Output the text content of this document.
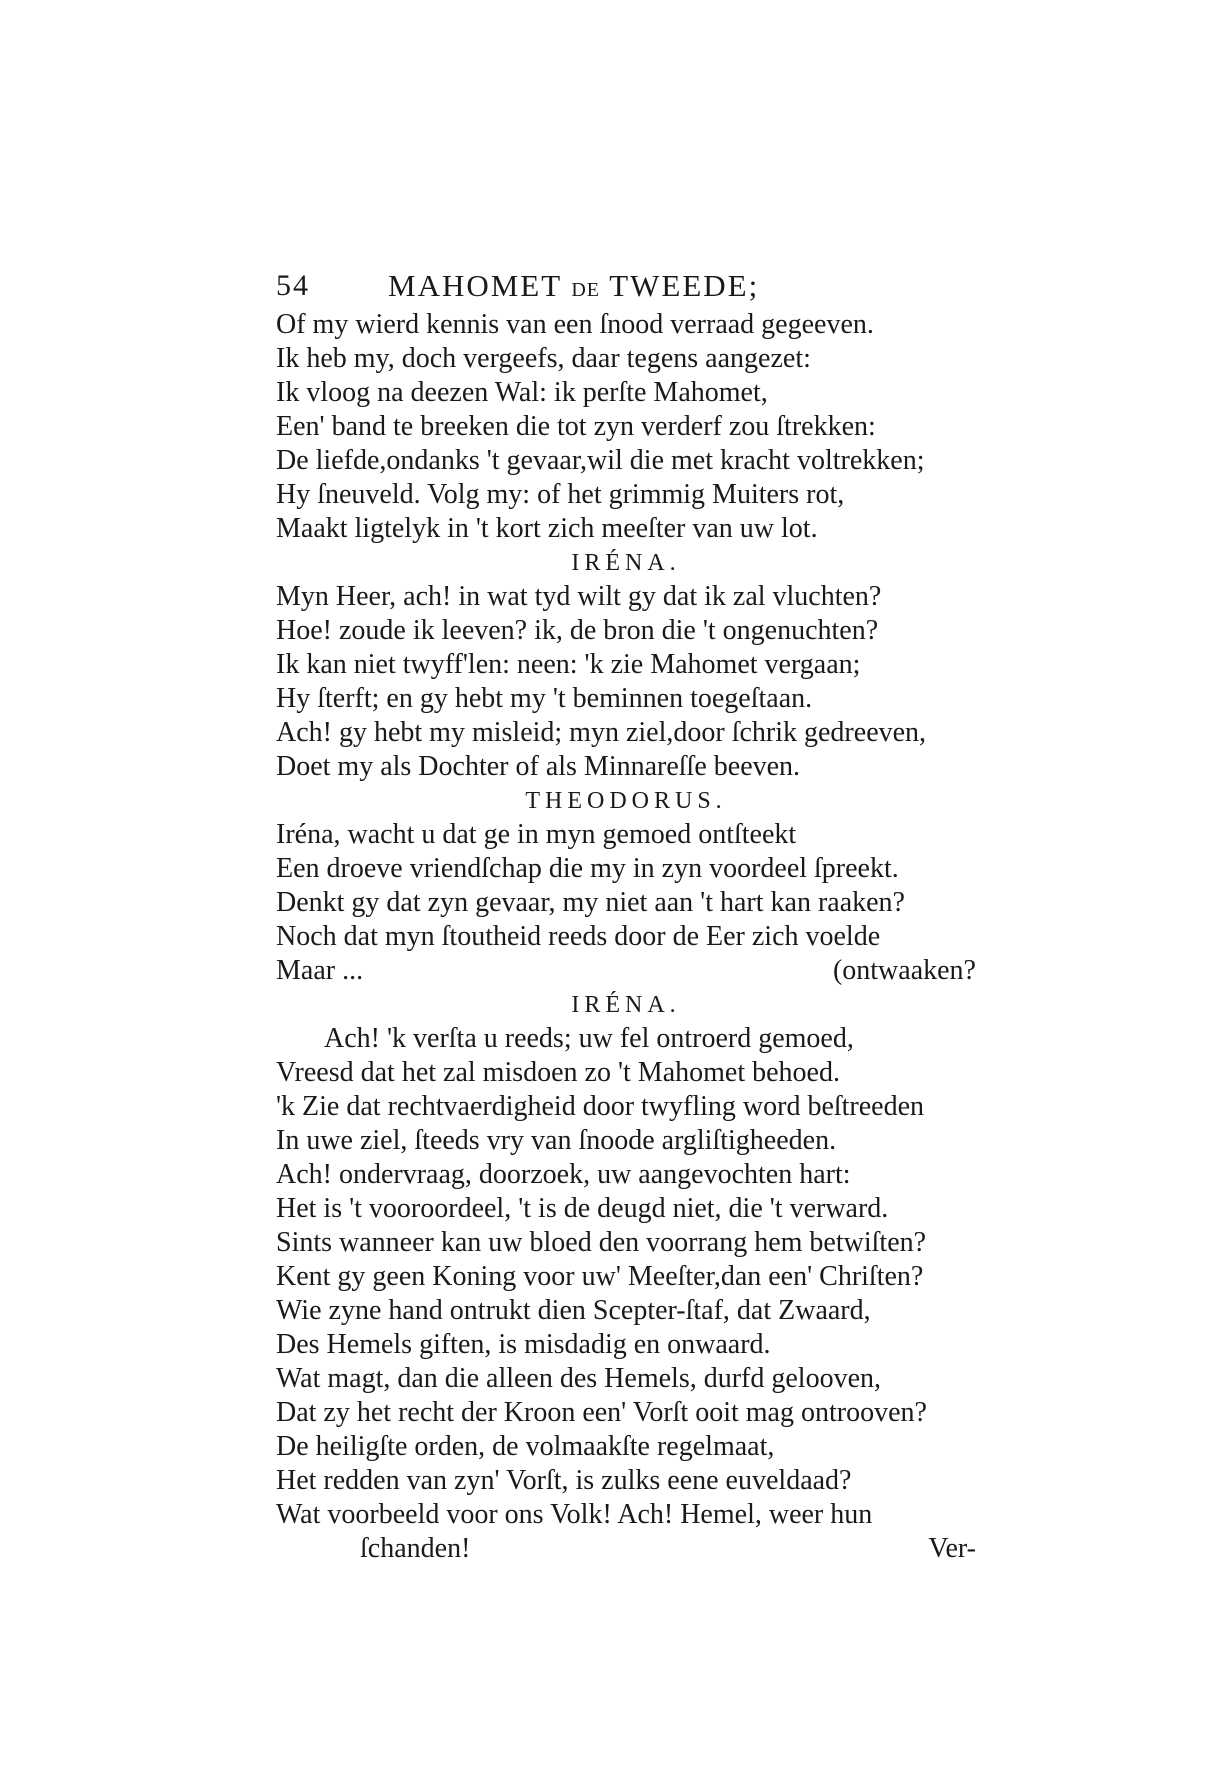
54	MAHOMET DE TWEEDE;
Of my wierd kennis van een ſnood verraad gegeeven.
Ik heb my, doch vergeefs, daar tegens aangezet:
Ik vloog na deezen Wal: ik perſte Mahomet,
Een' band te breeken die tot zyn verderf zou ſtrekken:
De liefde,ondanks 't gevaar,wil die met kracht voltrekken;
Hy ſneuveld. Volg my: of het grimmig Muiters rot,
Maakt ligtelyk in 't kort zich meeſter van uw lot.
IRÉNA.
Myn Heer, ach! in wat tyd wilt gy dat ik zal vluchten?
Hoe! zoude ik leeven? ik, de bron die 't ongenuchten?
Ik kan niet twyff'len: neen: 'k zie Mahomet vergaan;
Hy ſterft; en gy hebt my 't beminnen toegeſtaan.
Ach! gy hebt my misleid; myn ziel,door ſchrik gedreeven,
Doet my als Dochter of als Minnareſſe beeven.
THEODORUS.
Iréna, wacht u dat ge in myn gemoed ontſteekt
Een droeve vriendſchap die my in zyn voordeel ſpreekt.
Denkt gy dat zyn gevaar, my niet aan 't hart kan raaken?
Noch dat myn ſtoutheid reeds door de Eer zich voelde
Maar ...	(ontwaaken?
IRÉNA.
Ach! 'k verſta u reeds; uw fel ontroerd gemoed,
Vreesd dat het zal misdoen zo 't Mahomet behoed.
'k Zie dat rechtvaerdigheid door twyfling word beſtreeden
In uwe ziel, ſteeds vry van ſnoode argliſtigheeden.
Ach! ondervraag, doorzoek, uw aangevochten hart:
Het is 't vooroordeel, 't is de deugd niet, die 't verward.
Sints wanneer kan uw bloed den voorrang hem betwiſten?
Kent gy geen Koning voor uw' Meeſter,dan een' Chriſten?
Wie zyne hand ontrukt dien Scepter-ſtaf, dat Zwaard,
Des Hemels giften, is misdadig en onwaard.
Wat magt, dan die alleen des Hemels, durfd gelooven,
Dat zy het recht der Kroon een' Vorſt ooit mag ontrooven?
De heiligſte orden, de volmaakſte regelmaat,
Het redden van zyn' Vorſt, is zulks eene euveldaad?
Wat voorbeeld voor ons Volk! Ach! Hemel, weer hun
ſchanden!	Ver-
